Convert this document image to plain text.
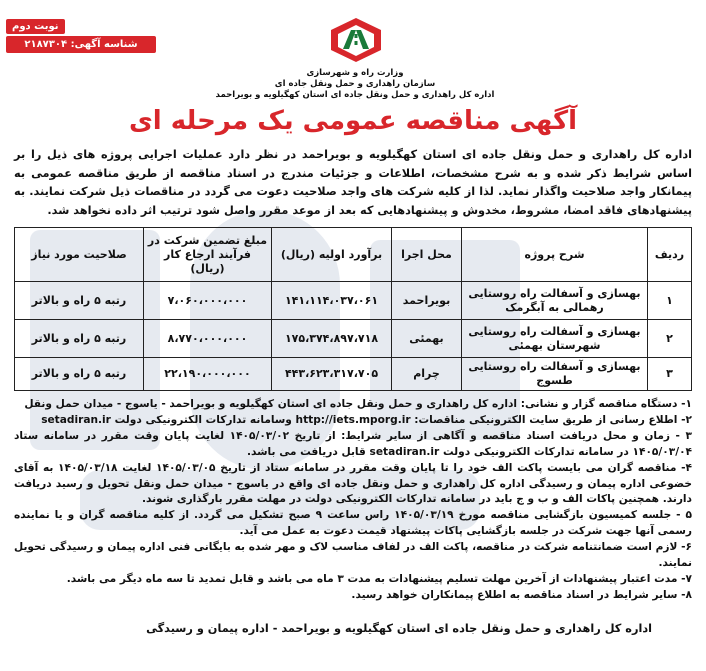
نوبت دوم
شناسه آگهی: ۲۱۸۷۳۰۴
وزارت راه و شهرسازی
سازمان راهداری و حمل ونقل جاده ای
اداره کل راهداری و حمل ونقل جاده ای استان کهگیلویه و بویراحمد
آگهی مناقصه عمومی یک مرحله ای
اداره کل راهداری و حمل ونقل جاده ای استان کهگیلویه و بویراحمد در نظر دارد عملیات اجرایی پروژه های ذیل را بر اساس شرایط ذکر شده و به شرح مشخصات، اطلاعات و جزئیات مندرج در اسناد مناقصه از طریق مناقصه عمومی به پیمانکار واجد صلاحیت واگذار نماید. لذا از کلیه شرکت های واجد صلاحیت دعوت می گردد در مناقصات ذیل شرکت نمایند. به پیشنهادهای فاقد امضا، مشروط، مخدوش و پیشنهادهایی که بعد از موعد مقرر واصل شود ترتیب اثر داده نخواهد شد.
ردیف	شرح پروژه	محل اجرا	برآورد اولیه (ریال)	مبلغ تضمین شرکت در فرآیند ارجاع کار (ریال)	صلاحیت مورد نیاز
۱	بهسازی و آسفالت راه روستایی رهمالی به آبگرمک	بویراحمد	۱۴۱،۱۱۴،۰۳۷،۰۶۱	۷،۰۶۰،۰۰۰،۰۰۰	رتبه ۵ راه و بالاتر
۲	بهسازی و آسفالت راه روستایی شهرستان بهمئی	بهمئی	۱۷۵،۳۷۴،۸۹۷،۷۱۸	۸،۷۷۰،۰۰۰،۰۰۰	رتبه ۵ راه و بالاتر
۳	بهسازی و آسفالت راه روستایی طسوج	چرام	۴۴۳،۶۲۳،۳۱۷،۷۰۵	۲۲،۱۹۰،۰۰۰،۰۰۰	رتبه ۵ راه و بالاتر
۱- دستگاه مناقصه گزار و نشانی: اداره کل راهداری و حمل ونقل جاده ای استان کهگیلویه و بویراحمد - یاسوج - میدان حمل ونقل
۲- اطلاع رسانی از طریق سایت الکترونیکی مناقصات: http://iets.mporg.ir وسامانه تدارکات الکترونیکی دولت setadiran.ir
۳ - زمان و محل دریافت اسناد مناقصه و آگاهی از سایر شرایط: از تاریخ ۱۴۰۵/۰۳/۰۲ لغایت پایان وقت مقرر در سامانه ستاد ۱۴۰۵/۰۳/۰۴ در سامانه تدارکات الکترونیکی دولت setadiran.ir قابل دریافت می باشد.
۴- مناقصه گران می بایست پاکت الف خود را تا پایان وقت مقرر در سامانه ستاد از تاریخ ۱۴۰۵/۰۳/۰۵ لغایت ۱۴۰۵/۰۳/۱۸ به آقای خضوعی اداره پیمان و رسیدگی اداره کل راهداری و حمل ونقل جاده ای واقع در یاسوج - میدان حمل ونقل تحویل و رسید دریافت دارند. همچنین پاکات الف و ب و ج باید در سامانه تدارکات الکترونیکی دولت در مهلت مقرر بارگذاری شوند.
۵ - جلسه کمیسیون بازگشایی مناقصه مورخ ۱۴۰۵/۰۳/۱۹ راس ساعت ۹ صبح تشکیل می گردد. از کلیه مناقصه گران و یا نماینده رسمی آنها جهت شرکت در جلسه بازگشایی پاکات پیشنهاد قیمت دعوت به عمل می آید.
۶- لازم است ضمانتنامه شرکت در مناقصه، پاکت الف در لفاف مناسب لاک و مهر شده به بایگانی فنی اداره پیمان و رسیدگی تحویل نمایند.
۷- مدت اعتبار پیشنهادات از آخرین مهلت تسلیم پیشنهادات به مدت ۳ ماه می باشد و قابل تمدید تا سه ماه دیگر می باشد.
۸- سایر شرایط در اسناد مناقصه به اطلاع پیمانکاران خواهد رسید.
اداره کل راهداری و حمل ونقل جاده ای استان کهگیلویه و بویراحمد - اداره پیمان و رسیدگی
